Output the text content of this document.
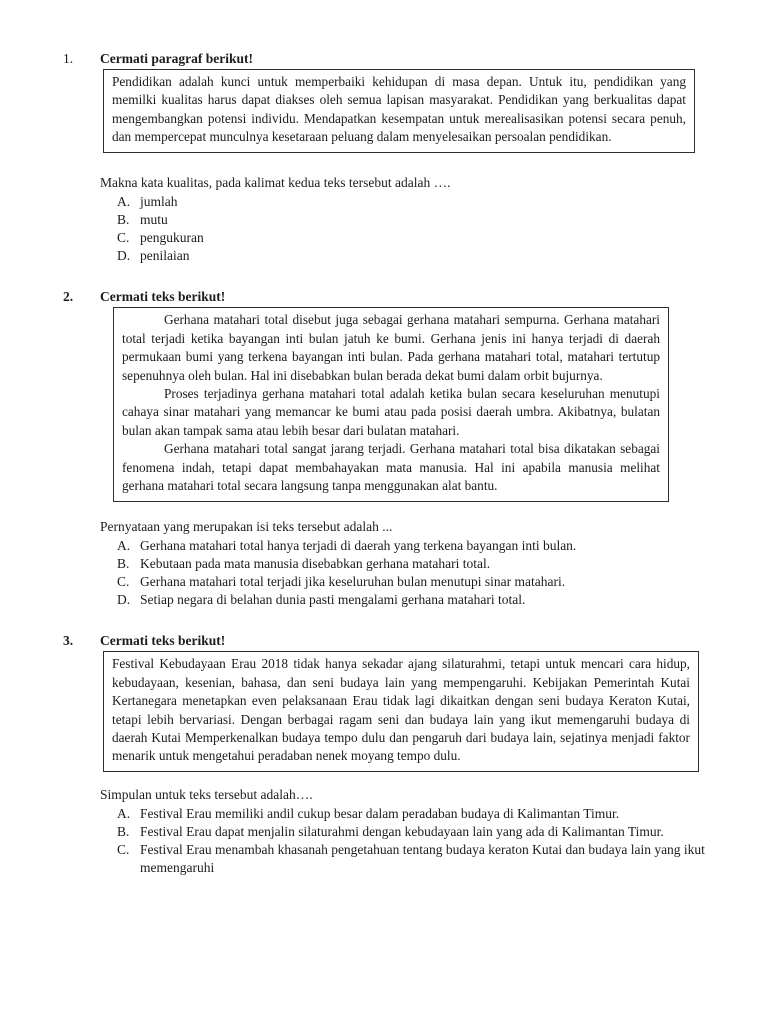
1. Cermati paragraf berikut!

Pendidikan adalah kunci untuk memperbaiki kehidupan di masa depan. Untuk itu, pendidikan yang memilki kualitas harus dapat diakses oleh semua lapisan masyarakat. Pendidikan yang berkualitas dapat mengembangkan potensi individu. Mendapatkan kesempatan untuk merealisasikan potensi secara penuh, dan mempercepat munculnya kesetaraan peluang dalam menyelesaikan persoalan pendidikan.

Makna kata kualitas, pada kalimat kedua teks tersebut adalah ….

A. jumlah
B. mutu
C. pengukuran
D. penilaian
2. Cermati teks berikut!

Gerhana matahari total disebut juga sebagai gerhana matahari sempurna. Gerhana matahari total terjadi ketika bayangan inti bulan jatuh ke bumi. Gerhana jenis ini hanya terjadi di daerah permukaan bumi yang terkena bayangan inti bulan. Pada gerhana matahari total, matahari tertutup sepenuhnya oleh bulan. Hal ini disebabkan bulan berada dekat bumi dalam orbit bujurnya.

Proses terjadinya gerhana matahari total adalah ketika bulan secara keseluruhan menutupi cahaya sinar matahari yang memancar ke bumi atau pada posisi daerah umbra. Akibatnya, bulatan bulan akan tampak sama atau lebih besar dari bulatan matahari.

Gerhana matahari total sangat jarang terjadi. Gerhana matahari total bisa dikatakan sebagai fenomena indah, tetapi dapat membahayakan mata manusia. Hal ini apabila manusia melihat gerhana matahari total secara langsung tanpa menggunakan alat bantu.

Pernyataan yang merupakan isi teks tersebut adalah ...

A. Gerhana matahari total hanya terjadi di daerah yang terkena bayangan inti bulan.
B. Kebutaan pada mata manusia disebabkan gerhana matahari total.
C. Gerhana matahari total terjadi jika keseluruhan bulan menutupi sinar matahari.
D. Setiap negara di belahan dunia pasti mengalami gerhana matahari total.
3. Cermati teks berikut!

Festival Kebudayaan Erau 2018 tidak hanya sekadar ajang silaturahmi, tetapi untuk mencari cara hidup, kebudayaan, kesenian, bahasa, dan seni budaya lain yang mempengaruhi. Kebijakan Pemerintah Kutai Kertanegara menetapkan even pelaksanaan Erau tidak lagi dikaitkan dengan seni budaya Keraton Kutai, tetapi lebih bervariasi. Dengan berbagai ragam seni dan budaya lain yang ikut memengaruhi budaya di daerah Kutai Memperkenalkan budaya tempo dulu dan pengaruh dari budaya lain, sejatinya menjadi faktor menarik untuk mengetahui peradaban nenek moyang tempo dulu.

Simpulan untuk teks tersebut adalah….

A. Festival Erau memiliki andil cukup besar dalam peradaban budaya di Kalimantan Timur.
B. Festival Erau dapat menjalin silaturahmi dengan kebudayaan lain yang ada di Kalimantan Timur.
C. Festival Erau menambah khasanah pengetahuan tentang budaya keraton Kutai dan budaya lain yang ikut memengaruhi
